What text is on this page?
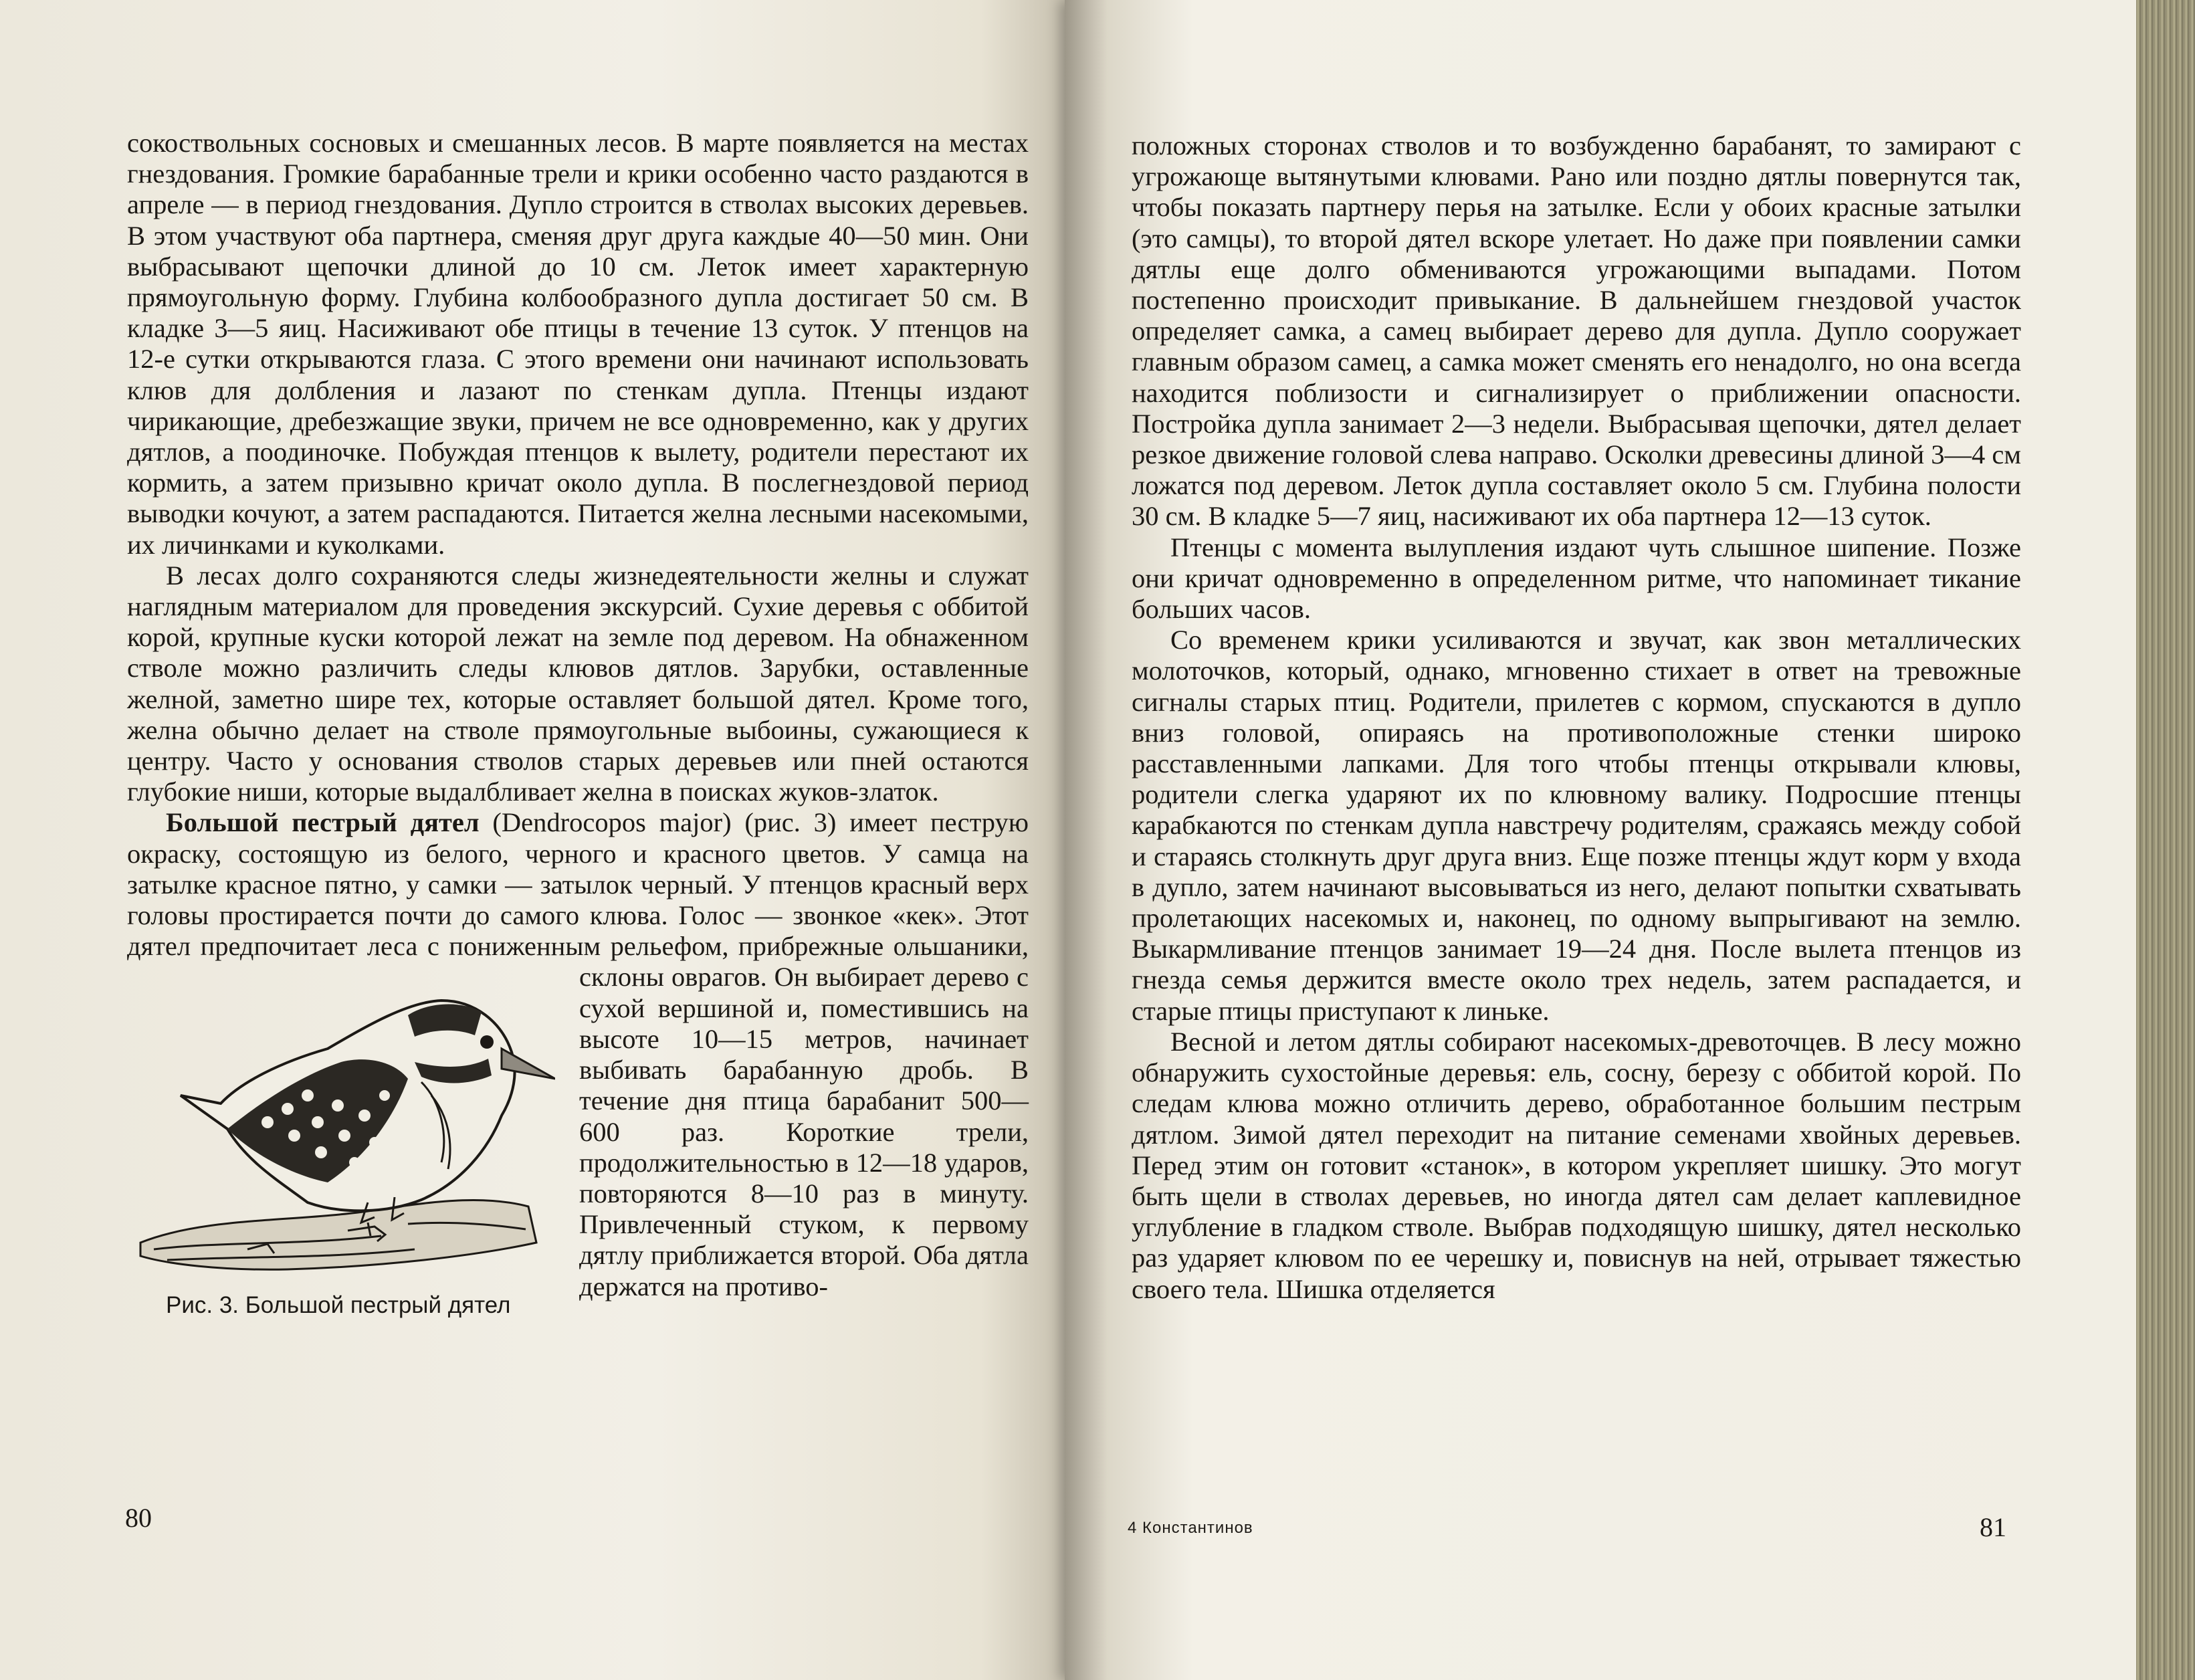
сокоствольных сосновых и смешанных лесов. В марте появляется на местах гнездования. Громкие барабанные трели и крики особенно часто раздаются в апреле — в период гнездования. Дупло строится в стволах высоких деревьев. В этом участвуют оба партнера, сменяя друг друга каждые 40—50 мин. Они выбрасывают щепочки длиной до 10 см. Леток имеет характерную прямоугольную форму. Глубина колбообразного дупла достигает 50 см. В кладке 3—5 яиц. Насиживают обе птицы в течение 13 суток. У птенцов на 12-е сутки открываются глаза. С этого времени они начинают использовать клюв для долбления и лазают по стенкам дупла. Птенцы издают чирикающие, дребезжащие звуки, причем не все одновременно, как у других дятлов, а поодиночке. Побуждая птенцов к вылету, родители перестают их кормить, а затем призывно кричат около дупла. В послегнездовой период выводки кочуют, а затем распадаются. Питается желна лесными насекомыми, их личинками и куколками.

В лесах долго сохраняются следы жизнедеятельности желны и служат наглядным материалом для проведения экскурсий. Сухие деревья с оббитой корой, крупные куски которой лежат на земле под деревом. На обнаженном стволе можно различить следы клювов дятлов. Зарубки, оставленные желной, заметно шире тех, которые оставляет большой дятел. Кроме того, желна обычно делает на стволе прямоугольные выбоины, сужающиеся к центру. Часто у основания стволов старых деревьев или пней остаются глубокие ниши, которые выдалбливает желна в поисках жуков-златок.

Большой пестрый дятел (Dendrocopos major) (рис. 3) имеет пеструю окраску, состоящую из белого, черного и красного цветов. У самца на затылке красное пятно, у самки — затылок черный. У птенцов красный верх головы простирается почти до самого клюва. Голос — звонкое «кек». Этот дятел предпочитает леса с пониженным рельефом, прибрежные ольшаники, склоны оврагов. Он
Рис. 3. Большой пестрый дятел
выбирает дерево с сухой вершиной и, поместившись на высоте 10—15 метров, начинает выбивать барабанную дробь. В течение дня птица барабанит 500—600 раз. Короткие трели, продолжительностью в 12—18 ударов, повторяются 8—10 раз в минуту. Привлеченный стуком, к первому дятлу приближается второй. Оба дятла держатся на противо-

80

положных сторонах стволов и то возбужденно барабанят, то замирают с угрожающе вытянутыми клювами. Рано или поздно дятлы повернутся так, чтобы показать партнеру перья на затылке. Если у обоих красные затылки (это самцы), то второй дятел вскоре улетает. Но даже при появлении самки дятлы еще долго обмениваются угрожающими выпадами. Потом постепенно происходит привыкание. В дальнейшем гнездовой участок определяет самка, а самец выбирает дерево для дупла. Дупло сооружает главным образом самец, а самка может сменять его ненадолго, но она всегда находится поблизости и сигнализирует о приближении опасности. Постройка дупла занимает 2—3 недели. Выбрасывая щепочки, дятел делает резкое движение головой слева направо. Осколки древесины длиной 3—4 см ложатся под деревом. Леток дупла составляет около 5 см. Глубина полости 30 см. В кладке 5—7 яиц, насиживают их оба партнера 12—13 суток.

Птенцы с момента вылупления издают чуть слышное шипение. Позже они кричат одновременно в определенном ритме, что напоминает тикание больших часов.

Со временем крики усиливаются и звучат, как звон металлических молоточков, который, однако, мгновенно стихает в ответ на тревожные сигналы старых птиц. Родители, прилетев с кормом, спускаются в дупло вниз головой, опираясь на противоположные стенки широко расставленными лапками. Для того чтобы птенцы открывали клювы, родители слегка ударяют их по клювному валику. Подросшие птенцы карабкаются по стенкам дупла навстречу родителям, сражаясь между собой и стараясь столкнуть друг друга вниз. Еще позже птенцы ждут корм у входа в дупло, затем начинают высовываться из него, делают попытки схватывать пролетающих насекомых и, наконец, по одному выпрыгивают на землю. Выкармливание птенцов занимает 19—24 дня. После вылета птенцов из гнезда семья держится вместе около трех недель, затем распадается, и старые птицы приступают к линьке.

Весной и летом дятлы собирают насекомых-древоточцев. В лесу можно обнаружить сухостойные деревья: ель, сосну, березу с оббитой корой. По следам клюва можно отличить дерево, обработанное большим пестрым дятлом. Зимой дятел переходит на питание семенами хвойных деревьев. Перед этим он готовит «станок», в котором укрепляет шишку. Это могут быть щели в стволах деревьев, но иногда дятел сам делает каплевидное углубление в гладком стволе. Выбрав подходящую шишку, дятел несколько раз ударяет клювом по ее черешку и, повиснув на ней, отрывает тяжестью своего тела. Шишка отделяется

4 Константинов	81
